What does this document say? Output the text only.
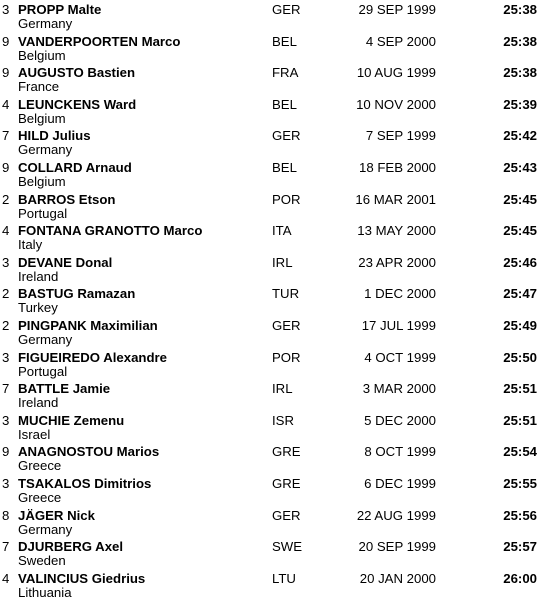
3 PROPP Malte
Germany
GER	29 SEP 1999	25:38
9 VANDERPOORTEN Marco
Belgium
BEL	4 SEP 2000	25:38
9 AUGUSTO Bastien
France
FRA	10 AUG 1999	25:38
4 LEUNCKENS Ward
Belgium
BEL	10 NOV 2000	25:39
7 HILD Julius
Germany
GER	7 SEP 1999	25:42
9 COLLARD Arnaud
Belgium
BEL	18 FEB 2000	25:43
2 BARROS Etson
Portugal
POR	16 MAR 2001	25:45
4 FONTANA GRANOTTO Marco
Italy
ITA	13 MAY 2000	25:45
3 DEVANE Donal
Ireland
IRL	23 APR 2000	25:46
2 BASTUG Ramazan
Turkey
TUR	1 DEC 2000	25:47
2 PINGPANK Maximilian
Germany
GER	17 JUL 1999	25:49
3 FIGUEIREDO Alexandre
Portugal
POR	4 OCT 1999	25:50
7 BATTLE Jamie
Ireland
IRL	3 MAR 2000	25:51
3 MUCHIE Zemenu
Israel
ISR	5 DEC 2000	25:51
9 ANAGNOSTOU Marios
Greece
GRE	8 OCT 1999	25:54
3 TSAKALOS Dimitrios
Greece
GRE	6 DEC 1999	25:55
8 JÄGER Nick
Germany
GER	22 AUG 1999	25:56
7 DJURBERG Axel
Sweden
SWE	20 SEP 1999	25:57
4 VALINCIUS Giedrius
Lithuania
LTU	20 JAN 2000	26:00
